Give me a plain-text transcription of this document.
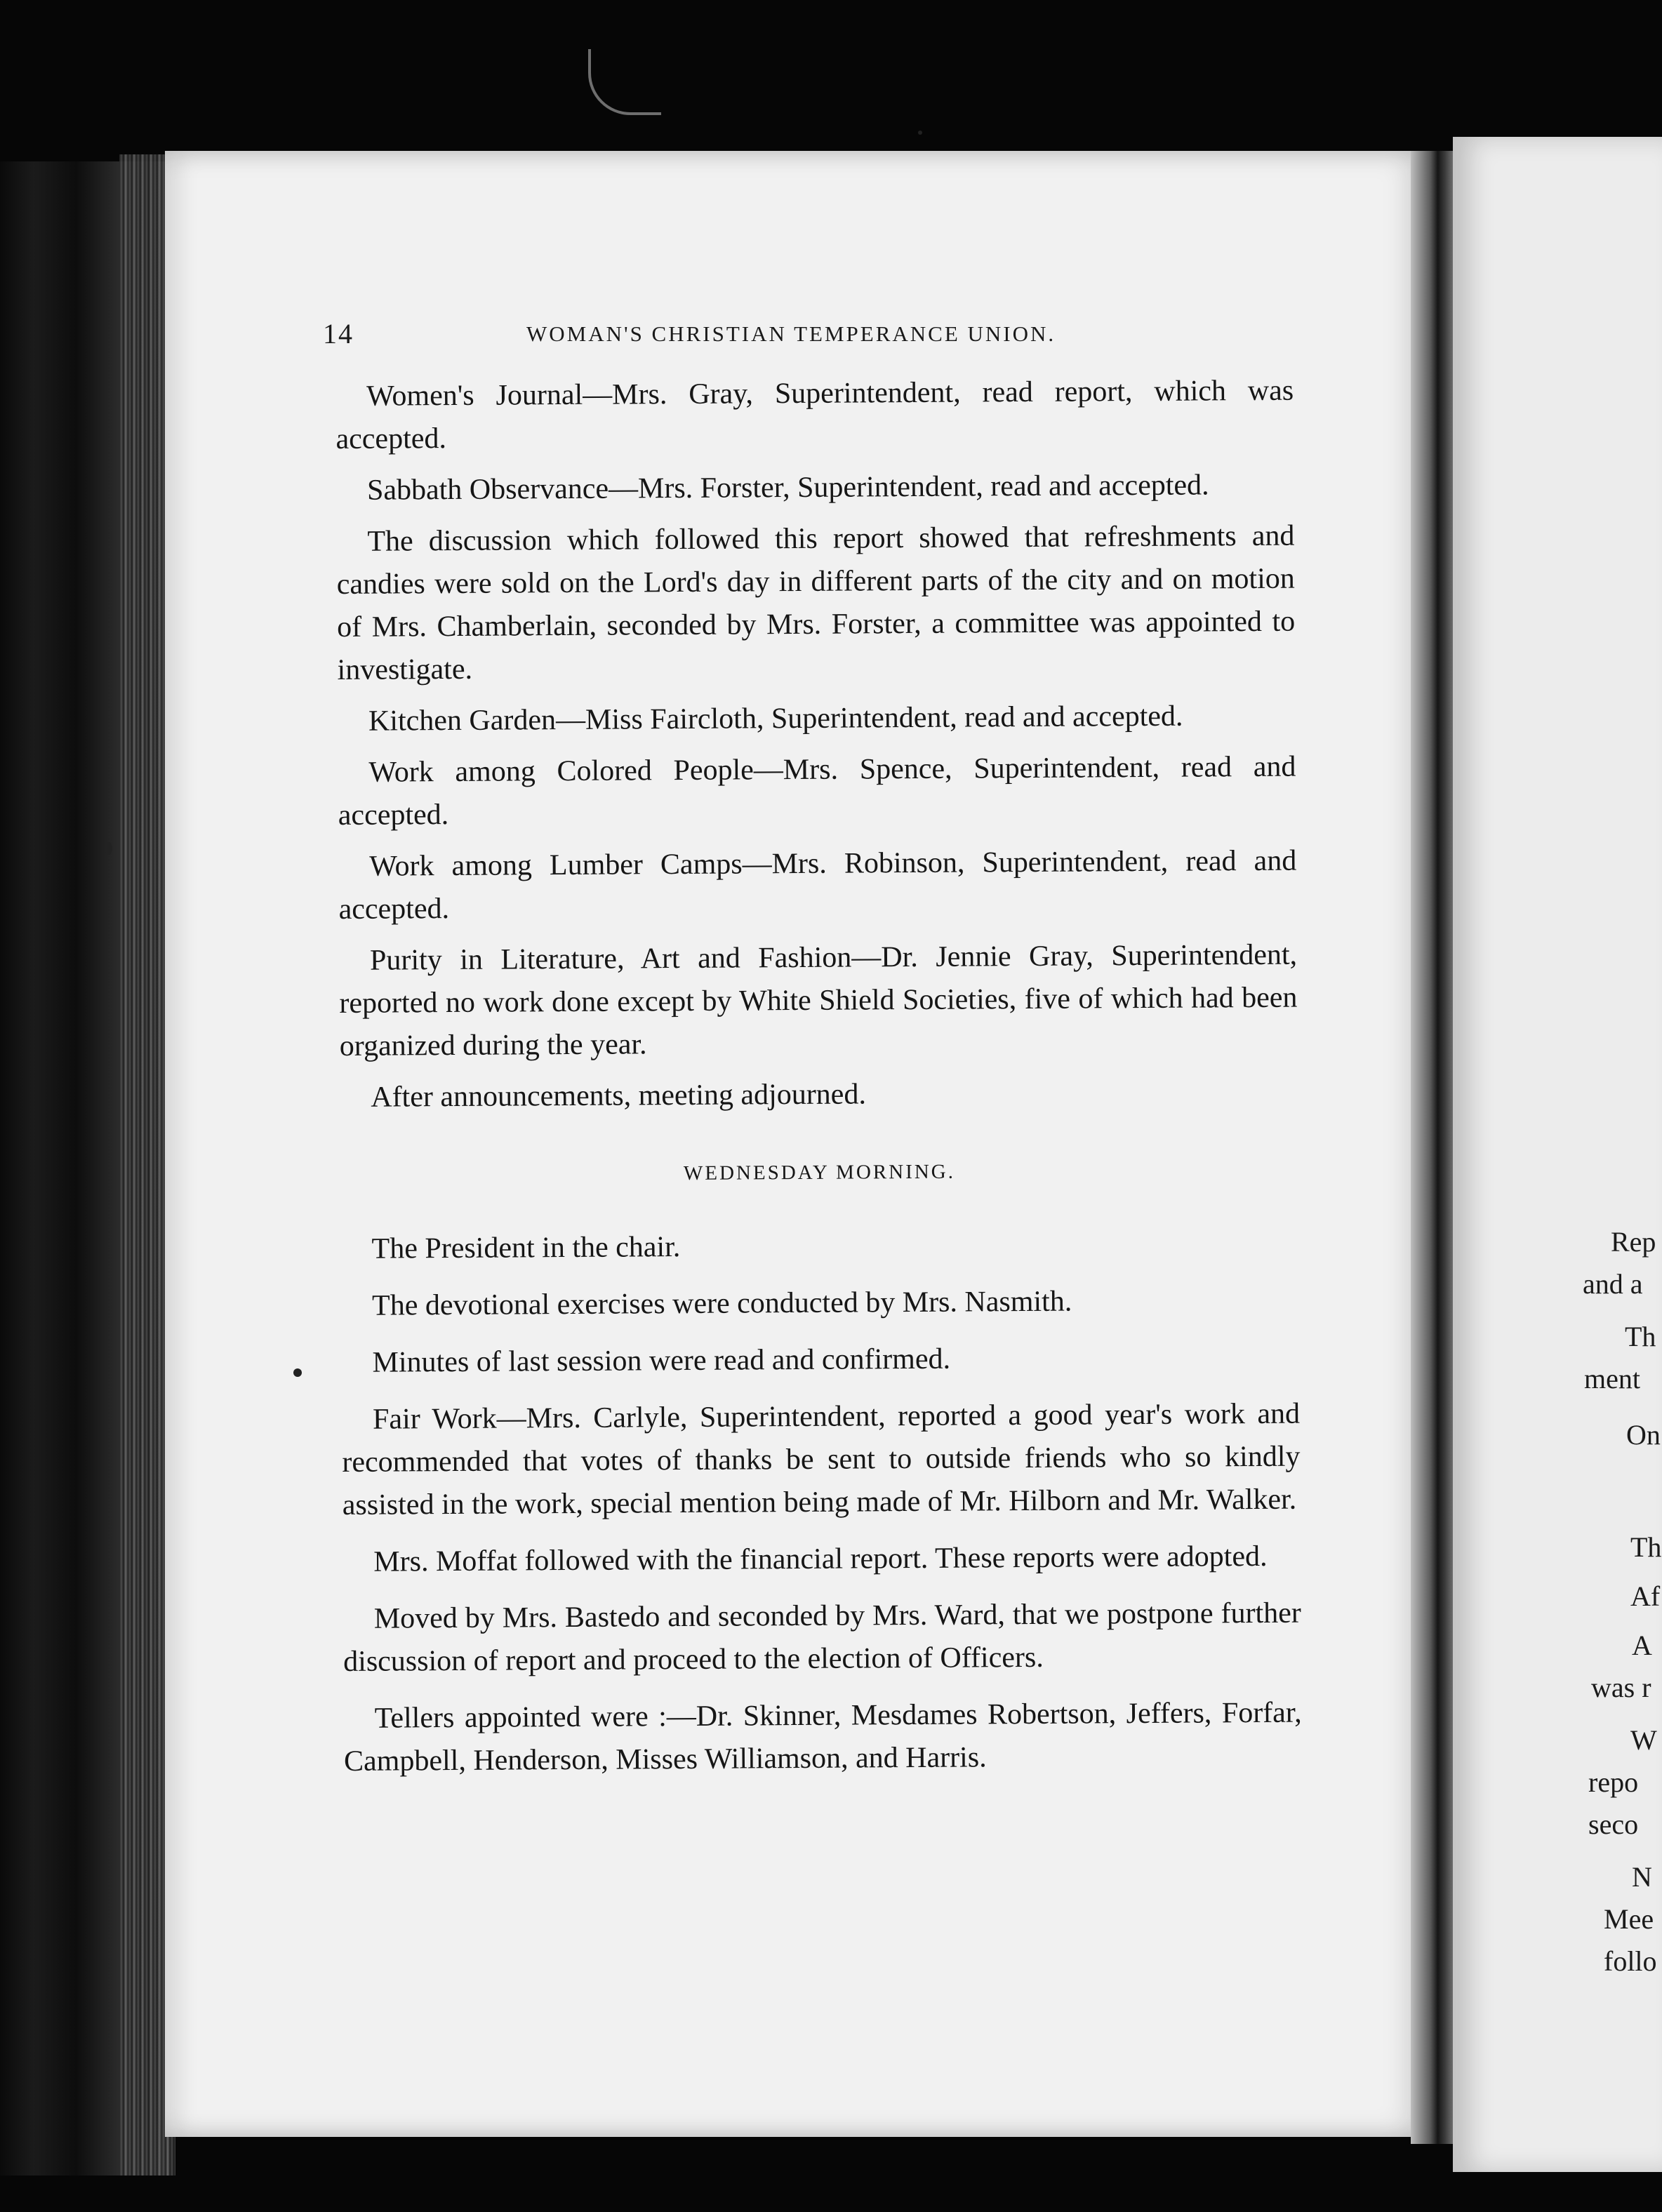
14	WOMAN'S CHRISTIAN TEMPERANCE UNION.

Women's Journal—Mrs. Gray, Superintendent, read report, which was accepted.

Sabbath Observance—Mrs. Forster, Superintendent, read and accepted.

The discussion which followed this report showed that refreshments and candies were sold on the Lord's day in different parts of the city and on motion of Mrs. Chamberlain, seconded by Mrs. Forster, a committee was appointed to investigate.

Kitchen Garden—Miss Faircloth, Superintendent, read and accepted.

Work among Colored People—Mrs. Spence, Superintendent, read and accepted.

Work among Lumber Camps—Mrs. Robinson, Superintendent, read and accepted.

Purity in Literature, Art and Fashion—Dr. Jennie Gray, Superintendent, reported no work done except by White Shield Societies, five of which had been organized during the year.

After announcements, meeting adjourned.

WEDNESDAY MORNING.

The President in the chair.

The devotional exercises were conducted by Mrs. Nasmith.

Minutes of last session were read and confirmed.

Fair Work—Mrs. Carlyle, Superintendent, reported a good year's work and recommended that votes of thanks be sent to outside friends who so kindly assisted in the work, special mention being made of Mr. Hilborn and Mr. Walker.

Mrs. Moffat followed with the financial report. These reports were adopted.

Moved by Mrs. Bastedo and seconded by Mrs. Ward, that we postpone further discussion of report and proceed to the election of Officers.

Tellers appointed were :—Dr. Skinner, Mesdames Robertson, Jeffers, Forfar, Campbell, Henderson, Misses Williamson, and Harris.

Rep
and a
Th
ment
On
Th
Af
A
was r
W
repo
seco
N
Mee
follo
